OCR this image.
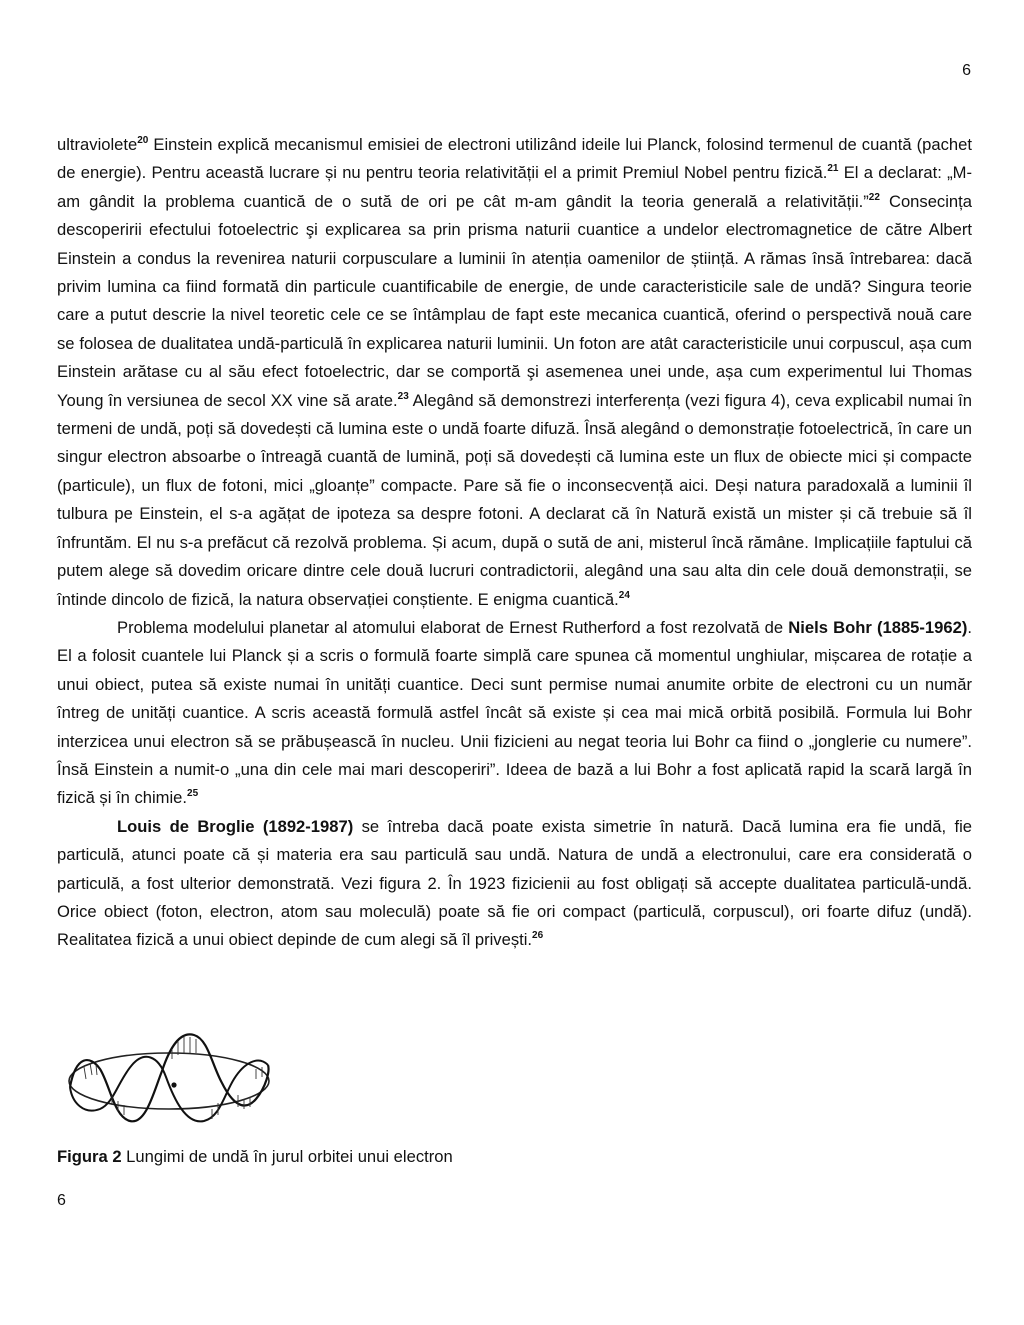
6

ultraviolete$^{20}$ Einstein explică mecanismul emisiei de electroni utilizând ideile lui Planck, folosind termenul de cuantă (pachet de energie). Pentru această lucrare și nu pentru teoria relativității el a primit Premiul Nobel pentru fizică.$^{21}$ El a declarat: „M-am gândit la problema cuantică de o sută de ori pe cât m-am gândit la teoria generală a relativității.”$^{22}$ Consecința descoperirii efectului fotoelectric şi explicarea sa prin prisma naturii cuantice a undelor electromagnetice de către Albert Einstein a condus la revenirea naturii corpusculare a luminii în atenția oamenilor de știință. A rămas însă întrebarea: dacă privim lumina ca fiind formată din particule cuantificabile de energie, de unde caracteristicile sale de undă? Singura teorie care a putut descrie la nivel teoretic cele ce se întâmplau de fapt este mecanica cuantică, oferind o perspectivă nouă care se folosea de dualitatea undă-particulă în explicarea naturii luminii. Un foton are atât caracteristicile unui corpuscul, așa cum Einstein arătase cu al său efect fotoelectric, dar se comportă şi asemenea unei unde, așa cum experimentul lui Thomas Young în versiunea de secol XX vine să arate.$^{23}$ Alegând să demonstrezi interferența (vezi figura 4), ceva explicabil numai în termeni de undă, poți să dovedești că lumina este o undă foarte difuză. Însă alegând o demonstrație fotoelectrică, în care un singur electron absoarbe o întreagă cuantă de lumină, poți să dovedești că lumina este un flux de obiecte mici și compacte (particule), un flux de fotoni, mici „gloanțe” compacte. Pare să fie o inconsecvență aici. Deși natura paradoxală a luminii îl tulbura pe Einstein, el s-a agățat de ipoteza sa despre fotoni. A declarat că în Natură există un mister și că trebuie să îl înfruntăm. El nu s-a prefăcut că rezolvă problema. Și acum, după o sută de ani, misterul încă rămâne. Implicațiile faptului că putem alege să dovedim oricare dintre cele două lucruri contradictorii, alegând una sau alta din cele două demonstrații, se întinde dincolo de fizică, la natura observației conștiente. E enigma cuantică.$^{24}$

Problema modelului planetar al atomului elaborat de Ernest Rutherford a fost rezolvată de Niels Bohr (1885-1962). El a folosit cuantele lui Planck și a scris o formulă foarte simplă care spunea că momentul unghiular, mișcarea de rotație a unui obiect, putea să existe numai în unități cuantice. Deci sunt permise numai anumite orbite de electroni cu un număr întreg de unități cuantice. A scris această formulă astfel încât să existe și cea mai mică orbită posibilă. Formula lui Bohr interzicea unui electron să se prăbușească în nucleu. Unii fizicieni au negat teoria lui Bohr ca fiind o „jonglerie cu numere”. Însă Einstein a numit-o „una din cele mai mari descoperiri”. Ideea de bază a lui Bohr a fost aplicată rapid la scară largă în fizică și în chimie.$^{25}$

Louis de Broglie (1892-1987) se întreba dacă poate exista simetrie în natură. Dacă lumina era fie undă, fie particulă, atunci poate că și materia era sau particulă sau undă. Natura de undă a electronului, care era considerată o particulă, a fost ulterior demonstrată. Vezi figura 2. În 1923 fizicienii au fost obligați să accepte dualitatea particulă-undă. Orice obiect (foton, electron, atom sau moleculă) poate să fie ori compact (particulă, corpuscul), ori foarte difuz (undă). Realitatea fizică a unui obiect depinde de cum alegi să îl privești.$^{26}$

Figura 2 Lungimi de undă în jurul orbitei unui electron
6
